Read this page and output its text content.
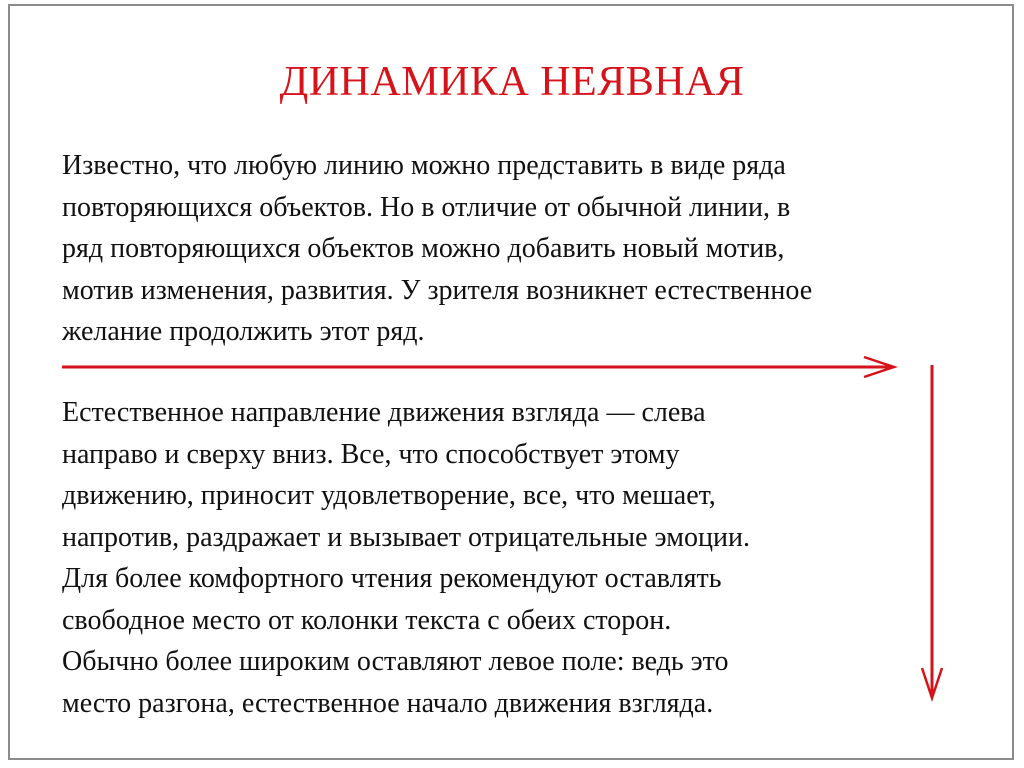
ДИНАМИКА НЕЯВНАЯ
Известно, что любую линию можно представить в виде ряда
повторяющихся объектов. Но в отличие от обычной линии, в
ряд повторяющихся объектов можно добавить новый мотив,
мотив изменения, развития. У зрителя возникнет естественное
желание продолжить этот ряд.
Естественное направление движения взгляда — слева
направо и сверху вниз. Все, что способствует этому
движению, приносит удовлетворение, все, что мешает,
напротив, раздражает и вызывает отрицательные эмоции.
Для более комфортного чтения рекомендуют оставлять
свободное место от колонки текста с обеих сторон.
Обычно более широким оставляют левое поле: ведь это
место разгона, естественное начало движения взгляда.
